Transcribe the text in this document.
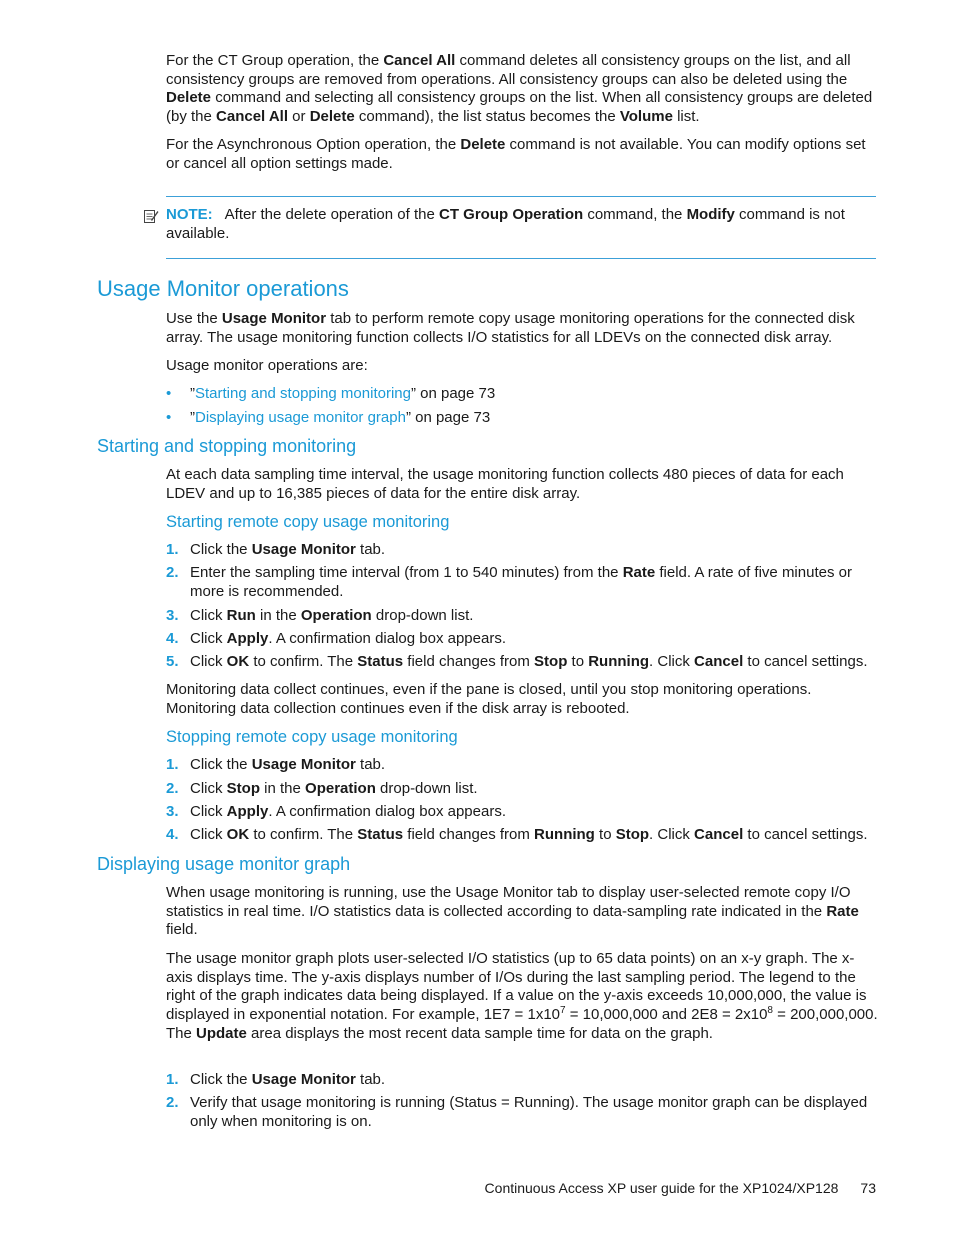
For the CT Group operation, the Cancel All command deletes all consistency groups on the list, and all consistency groups are removed from operations. All consistency groups can also be deleted using the Delete command and selecting all consistency groups on the list. When all consistency groups are deleted (by the Cancel All or Delete command), the list status becomes the Volume list.

For the Asynchronous Option operation, the Delete command is not available. You can modify options set or cancel all option settings made.

NOTE: After the delete operation of the CT Group Operation command, the Modify command is not available.

Usage Monitor operations

Use the Usage Monitor tab to perform remote copy usage monitoring operations for the connected disk array. The usage monitoring function collects I/O statistics for all LDEVs on the connected disk array.

Usage monitor operations are:

• ”Starting and stopping monitoring” on page 73

• ”Displaying usage monitor graph” on page 73

Starting and stopping monitoring

At each data sampling time interval, the usage monitoring function collects 480 pieces of data for each LDEV and up to 16,385 pieces of data for the entire disk array.

Starting remote copy usage monitoring
1. Click the Usage Monitor tab.
2. Enter the sampling time interval (from 1 to 540 minutes) from the Rate field. A rate of five minutes or more is recommended.
3. Click Run in the Operation drop-down list.
4. Click Apply. A confirmation dialog box appears.
5. Click OK to confirm. The Status field changes from Stop to Running. Click Cancel to cancel settings.

Monitoring data collect continues, even if the pane is closed, until you stop monitoring operations. Monitoring data collection continues even if the disk array is rebooted.

Stopping remote copy usage monitoring
1. Click the Usage Monitor tab.
2. Click Stop in the Operation drop-down list.
3. Click Apply. A confirmation dialog box appears.
4. Click OK to confirm. The Status field changes from Running to Stop. Click Cancel to cancel settings.
Displaying usage monitor graph

When usage monitoring is running, use the Usage Monitor tab to display user-selected remote copy I/O statistics in real time. I/O statistics data is collected according to data-sampling rate indicated in the Rate field.

The usage monitor graph plots user-selected I/O statistics (up to 65 data points) on an x-y graph. The x-axis displays time. The y-axis displays number of I/Os during the last sampling period. The legend to the right of the graph indicates data being displayed. If a value on the y-axis exceeds 10,000,000, the value is displayed in exponential notation. For example, $1E7 = 1x10^7 = 10,000,000$ and $2E8 = 2x10^8 = 200,000,000$. The Update area displays the most recent data sample time for data on the graph.

1. Click the Usage Monitor tab.
2. Verify that usage monitoring is running (Status = Running). The usage monitor graph can be displayed only when monitoring is on.
Continuous Access XP user guide for the XP1024/XP128 73
